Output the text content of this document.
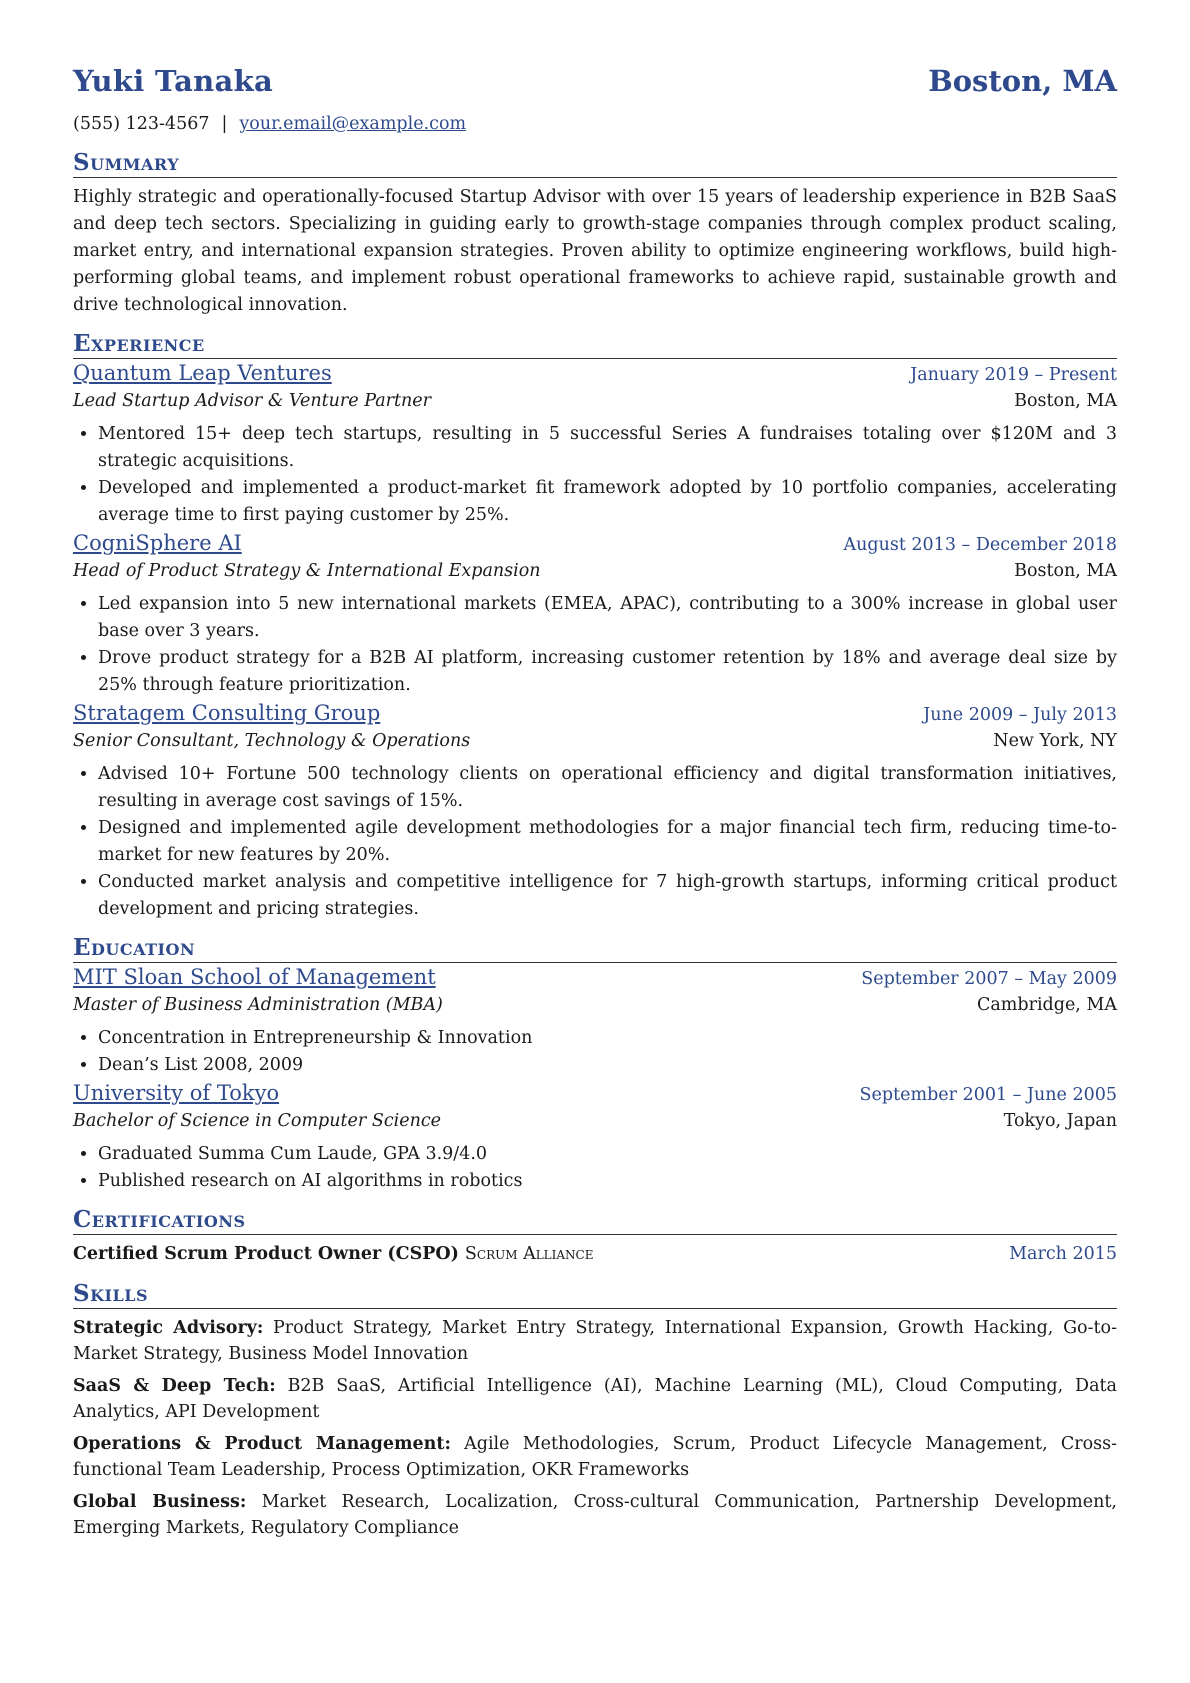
Yuki Tanaka	Boston, MA
(555) 123-4567 | your.email@example.com
Summary
Highly strategic and operationally-focused Startup Advisor with over 15 years of leadership experience in B2B SaaS and deep tech sectors. Specializing in guiding early to growth-stage companies through complex product scaling, market entry, and international expansion strategies. Proven ability to optimize engineering workflows, build high-performing global teams, and implement robust operational frameworks to achieve rapid, sustainable growth and drive technological innovation.
Experience
Quantum Leap Ventures	January 2019 – Present
Lead Startup Advisor & Venture Partner	Boston, MA
• Mentored 15+ deep tech startups, resulting in 5 successful Series A fundraises totaling over $120M and 3 strategic acquisitions.
• Developed and implemented a product-market fit framework adopted by 10 portfolio companies, accelerating average time to first paying customer by 25%.
CogniSphere AI	August 2013 – December 2018
Head of Product Strategy & International Expansion	Boston, MA
• Led expansion into 5 new international markets (EMEA, APAC), contributing to a 300% increase in global user base over 3 years.
• Drove product strategy for a B2B AI platform, increasing customer retention by 18% and average deal size by 25% through feature prioritization.
Stratagem Consulting Group	June 2009 – July 2013
Senior Consultant, Technology & Operations	New York, NY
• Advised 10+ Fortune 500 technology clients on operational efficiency and digital transformation initiatives, resulting in average cost savings of 15%.
• Designed and implemented agile development methodologies for a major financial tech firm, reducing time-to-market for new features by 20%.
• Conducted market analysis and competitive intelligence for 7 high-growth startups, informing critical product development and pricing strategies.
Education
MIT Sloan School of Management	September 2007 – May 2009
Master of Business Administration (MBA)	Cambridge, MA
• Concentration in Entrepreneurship & Innovation
• Dean’s List 2008, 2009
University of Tokyo	September 2001 – June 2005
Bachelor of Science in Computer Science	Tokyo, Japan
• Graduated Summa Cum Laude, GPA 3.9/4.0
• Published research on AI algorithms in robotics
Certifications
Certified Scrum Product Owner (CSPO) Scrum Alliance	March 2015
Skills
Strategic Advisory: Product Strategy, Market Entry Strategy, International Expansion, Growth Hacking, Go-to-Market Strategy, Business Model Innovation
SaaS & Deep Tech: B2B SaaS, Artificial Intelligence (AI), Machine Learning (ML), Cloud Computing, Data Analytics, API Development
Operations & Product Management: Agile Methodologies, Scrum, Product Lifecycle Management, Cross-functional Team Leadership, Process Optimization, OKR Frameworks
Global Business: Market Research, Localization, Cross-cultural Communication, Partnership Development, Emerging Markets, Regulatory Compliance
